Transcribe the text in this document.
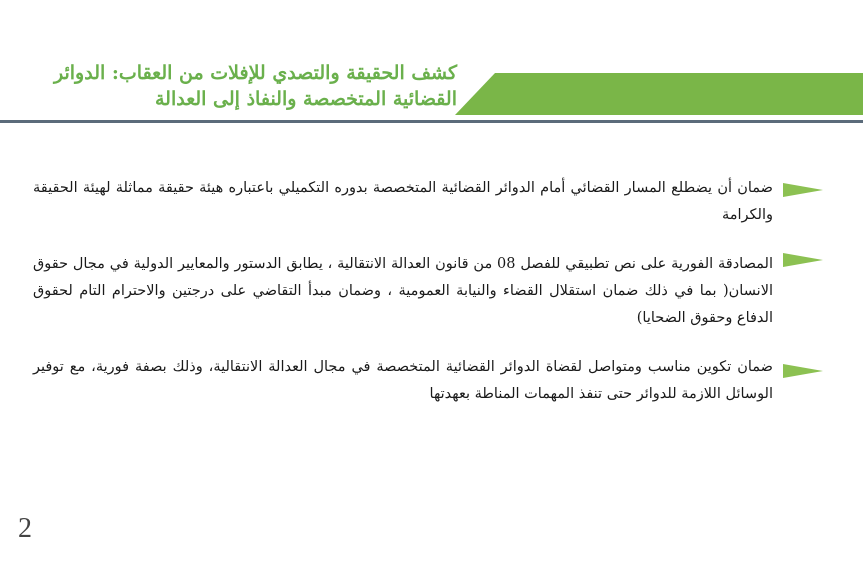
كشف الحقيقة والتصدي للإفلات من العقاب: الدوائر
القضائية المتخصصة والنفاذ إلى العدالة

ضمان أن يضطلع المسار القضائي أمام الدوائر القضائية المتخصصة بدوره التكميلي باعتباره هيئة حقيقة مماثلة لهيئة الحقيقة والكرامة

المصادقة الفورية على نص تطبيقي للفصل 08 من قانون العدالة الانتقالية ، يطابق الدستور والمعايير الدولية في مجال حقوق الانسان( بما في ذلك ضمان استقلال القضاء والنيابة العمومية ، وضمان مبدأ التقاضي على درجتين والاحترام التام لحقوق الدفاع وحقوق الضحايا)

ضمان تكوين مناسب ومتواصل لقضاة الدوائر القضائية المتخصصة في مجال العدالة الانتقالية، وذلك بصفة فورية، مع توفير الوسائل اللازمة للدوائر حتى تنفذ المهمات المناطة بعهدتها

2
